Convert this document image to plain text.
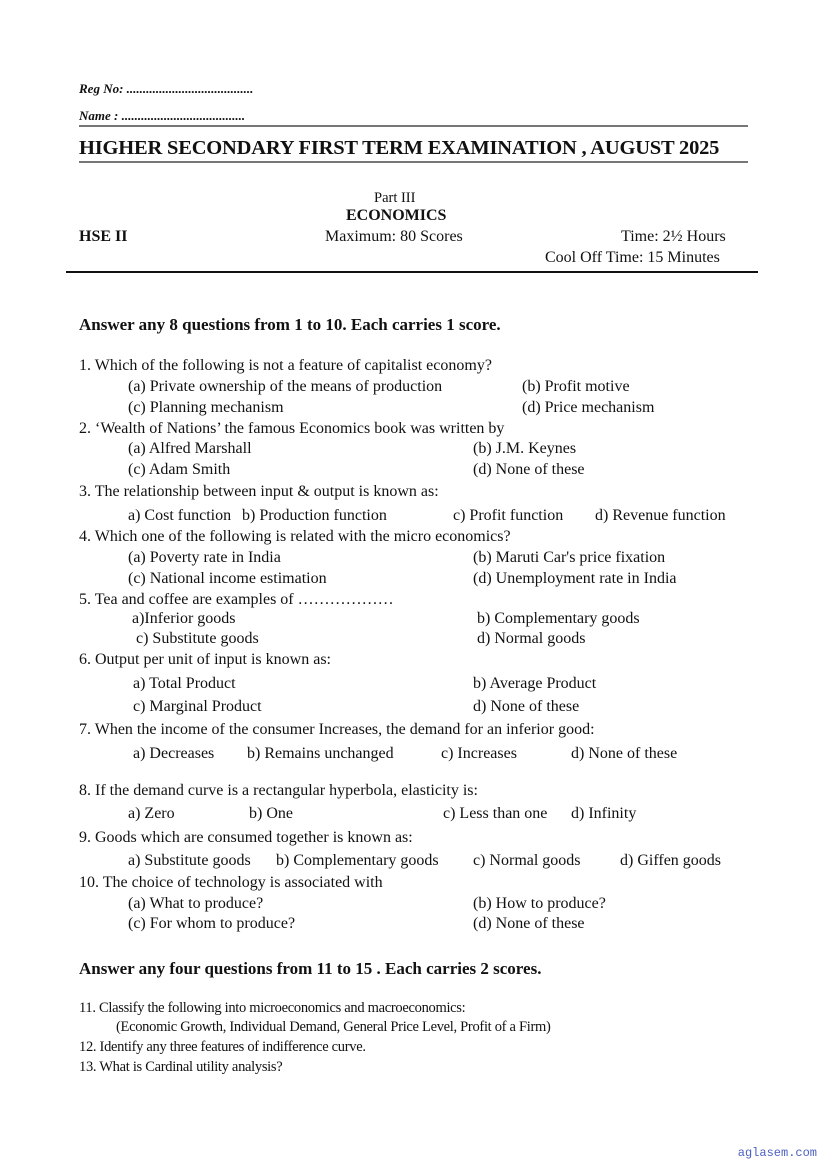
Reg No: .......................................
Name : ......................................
HIGHER SECONDARY FIRST TERM EXAMINATION , AUGUST 2025
Part III
ECONOMICS
HSE II	Maximum: 80 Scores	Time: 2½ Hours
Cool Off Time: 15 Minutes
Answer any 8 questions from 1 to 10. Each carries 1 score.
1. Which of the following is not a feature of capitalist economy?
(a) Private ownership of the means of production	(b) Profit motive
(c) Planning mechanism	(d) Price mechanism
2. ‘Wealth of Nations’ the famous Economics book was written by
(a) Alfred Marshall	(b) J.M. Keynes
(c) Adam Smith	(d) None of these
3. The relationship between input & output is known as:
a) Cost function b) Production function	c) Profit function d) Revenue function
4. Which one of the following is related with the micro economics?
(a) Poverty rate in India	(b) Maruti Car's price fixation
(c) National income estimation	(d) Unemployment rate in India
5. Tea and coffee are examples of ………………
a)Inferior goods	b) Complementary goods
c) Substitute goods	d) Normal goods
6. Output per unit of input is known as:
a) Total Product	b) Average Product
c) Marginal Product	d) None of these
7. When the income of the consumer Increases, the demand for an inferior good:
a) Decreases b) Remains unchanged	c) Increases	d) None of these
8. If the demand curve is a rectangular hyperbola, elasticity is:
a) Zero	b) One	c) Less than one d) Infinity
9. Goods which are consumed together is known as:
a) Substitute goods b) Complementary goods c) Normal goods d) Giffen goods
10. The choice of technology is associated with
(a) What to produce?	(b) How to produce?
(c) For whom to produce?	(d) None of these
Answer any four questions from 11 to 15 . Each carries 2 scores.
11. Classify the following into microeconomics and macroeconomics:
(Economic Growth, Individual Demand, General Price Level, Profit of a Firm)
12. Identify any three features of indifference curve.
13. What is Cardinal utility analysis?
aglasem.com
